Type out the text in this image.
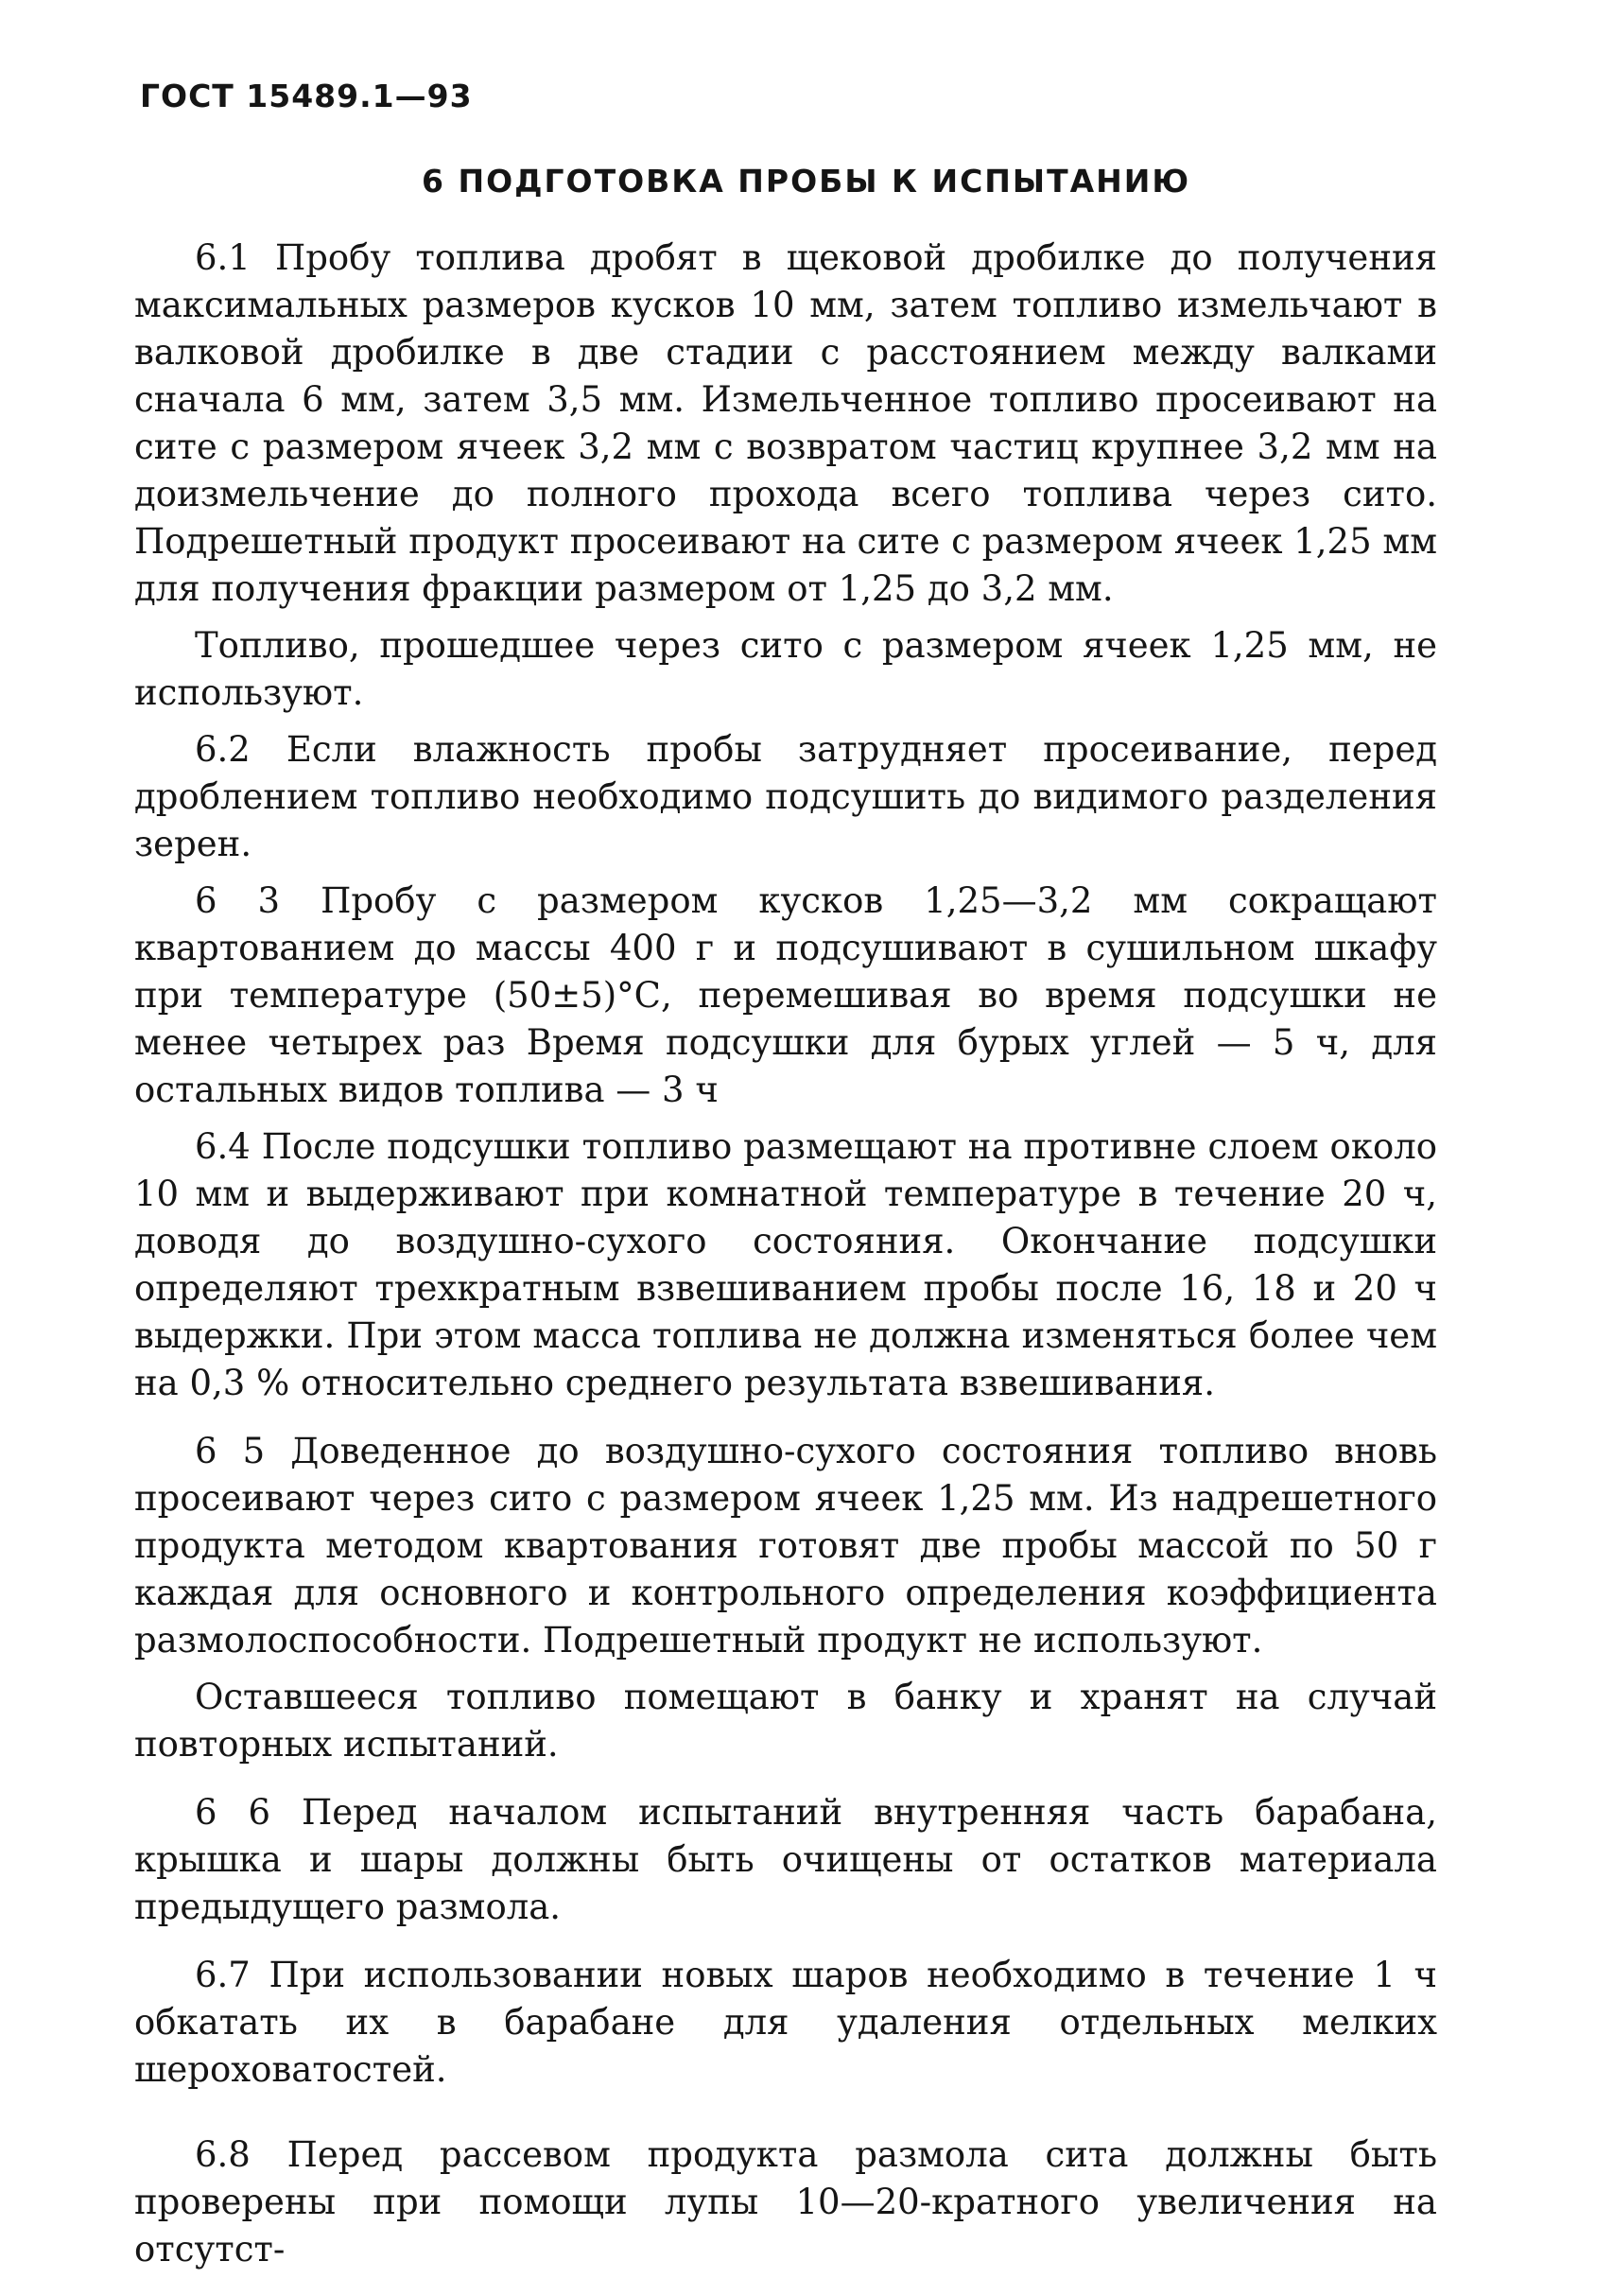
ГОСТ 15489.1—93
6 ПОДГОТОВКА ПРОБЫ К ИСПЫТАНИЮ

6.1 Пробу топлива дробят в щековой дробилке до получения максимальных размеров кусков 10 мм, затем топливо измельчают в валковой дробилке в две стадии с расстоянием между валками сначала 6 мм, затем 3,5 мм. Измельченное топливо просеивают на сите с размером ячеек 3,2 мм с возвратом частиц крупнее 3,2 мм на доизмельчение до полного прохода всего топлива через сито. Подрешетный продукт просеивают на сите с размером ячеек 1,25 мм для получения фракции размером от 1,25 до 3,2 мм.

Топливо, прошедшее через сито с размером ячеек 1,25 мм, не используют.

6.2 Если влажность пробы затрудняет просеивание, перед дроблением топливо необходимо подсушить до видимого разделения зерен.

6 3 Пробу с размером кусков 1,25—3,2 мм сокращают квартованием до массы 400 г и подсушивают в сушильном шкафу при температуре (50±5)°С, перемешивая во время подсушки не менее четырех раз Время подсушки для бурых углей — 5 ч, для остальных видов топлива — 3 ч

6.4 После подсушки топливо размещают на противне слоем около 10 мм и выдерживают при комнатной температуре в течение 20 ч, доводя до воздушно-сухого состояния. Окончание подсушки определяют трехкратным взвешиванием пробы после 16, 18 и 20 ч выдержки. При этом масса топлива не должна изменяться более чем на 0,3 % относительно среднего результата взвешивания.

6 5 Доведенное до воздушно-сухого состояния топливо вновь просеивают через сито с размером ячеек 1,25 мм. Из надрешетного продукта методом квартования готовят две пробы массой по 50 г каждая для основного и контрольного определения коэффициента размолоспособности. Подрешетный продукт не используют.

Оставшееся топливо помещают в банку и хранят на случай повторных испытаний.

6 6 Перед началом испытаний внутренняя часть барабана, крышка и шары должны быть очищены от остатков материала предыдущего размола.

6.7 При использовании новых шаров необходимо в течение 1 ч обкатать их в барабане для удаления отдельных мелких шероховатостей.

6.8 Перед рассевом продукта размола сита должны быть проверены при помощи лупы 10—20-кратного увеличения на отсутст-
